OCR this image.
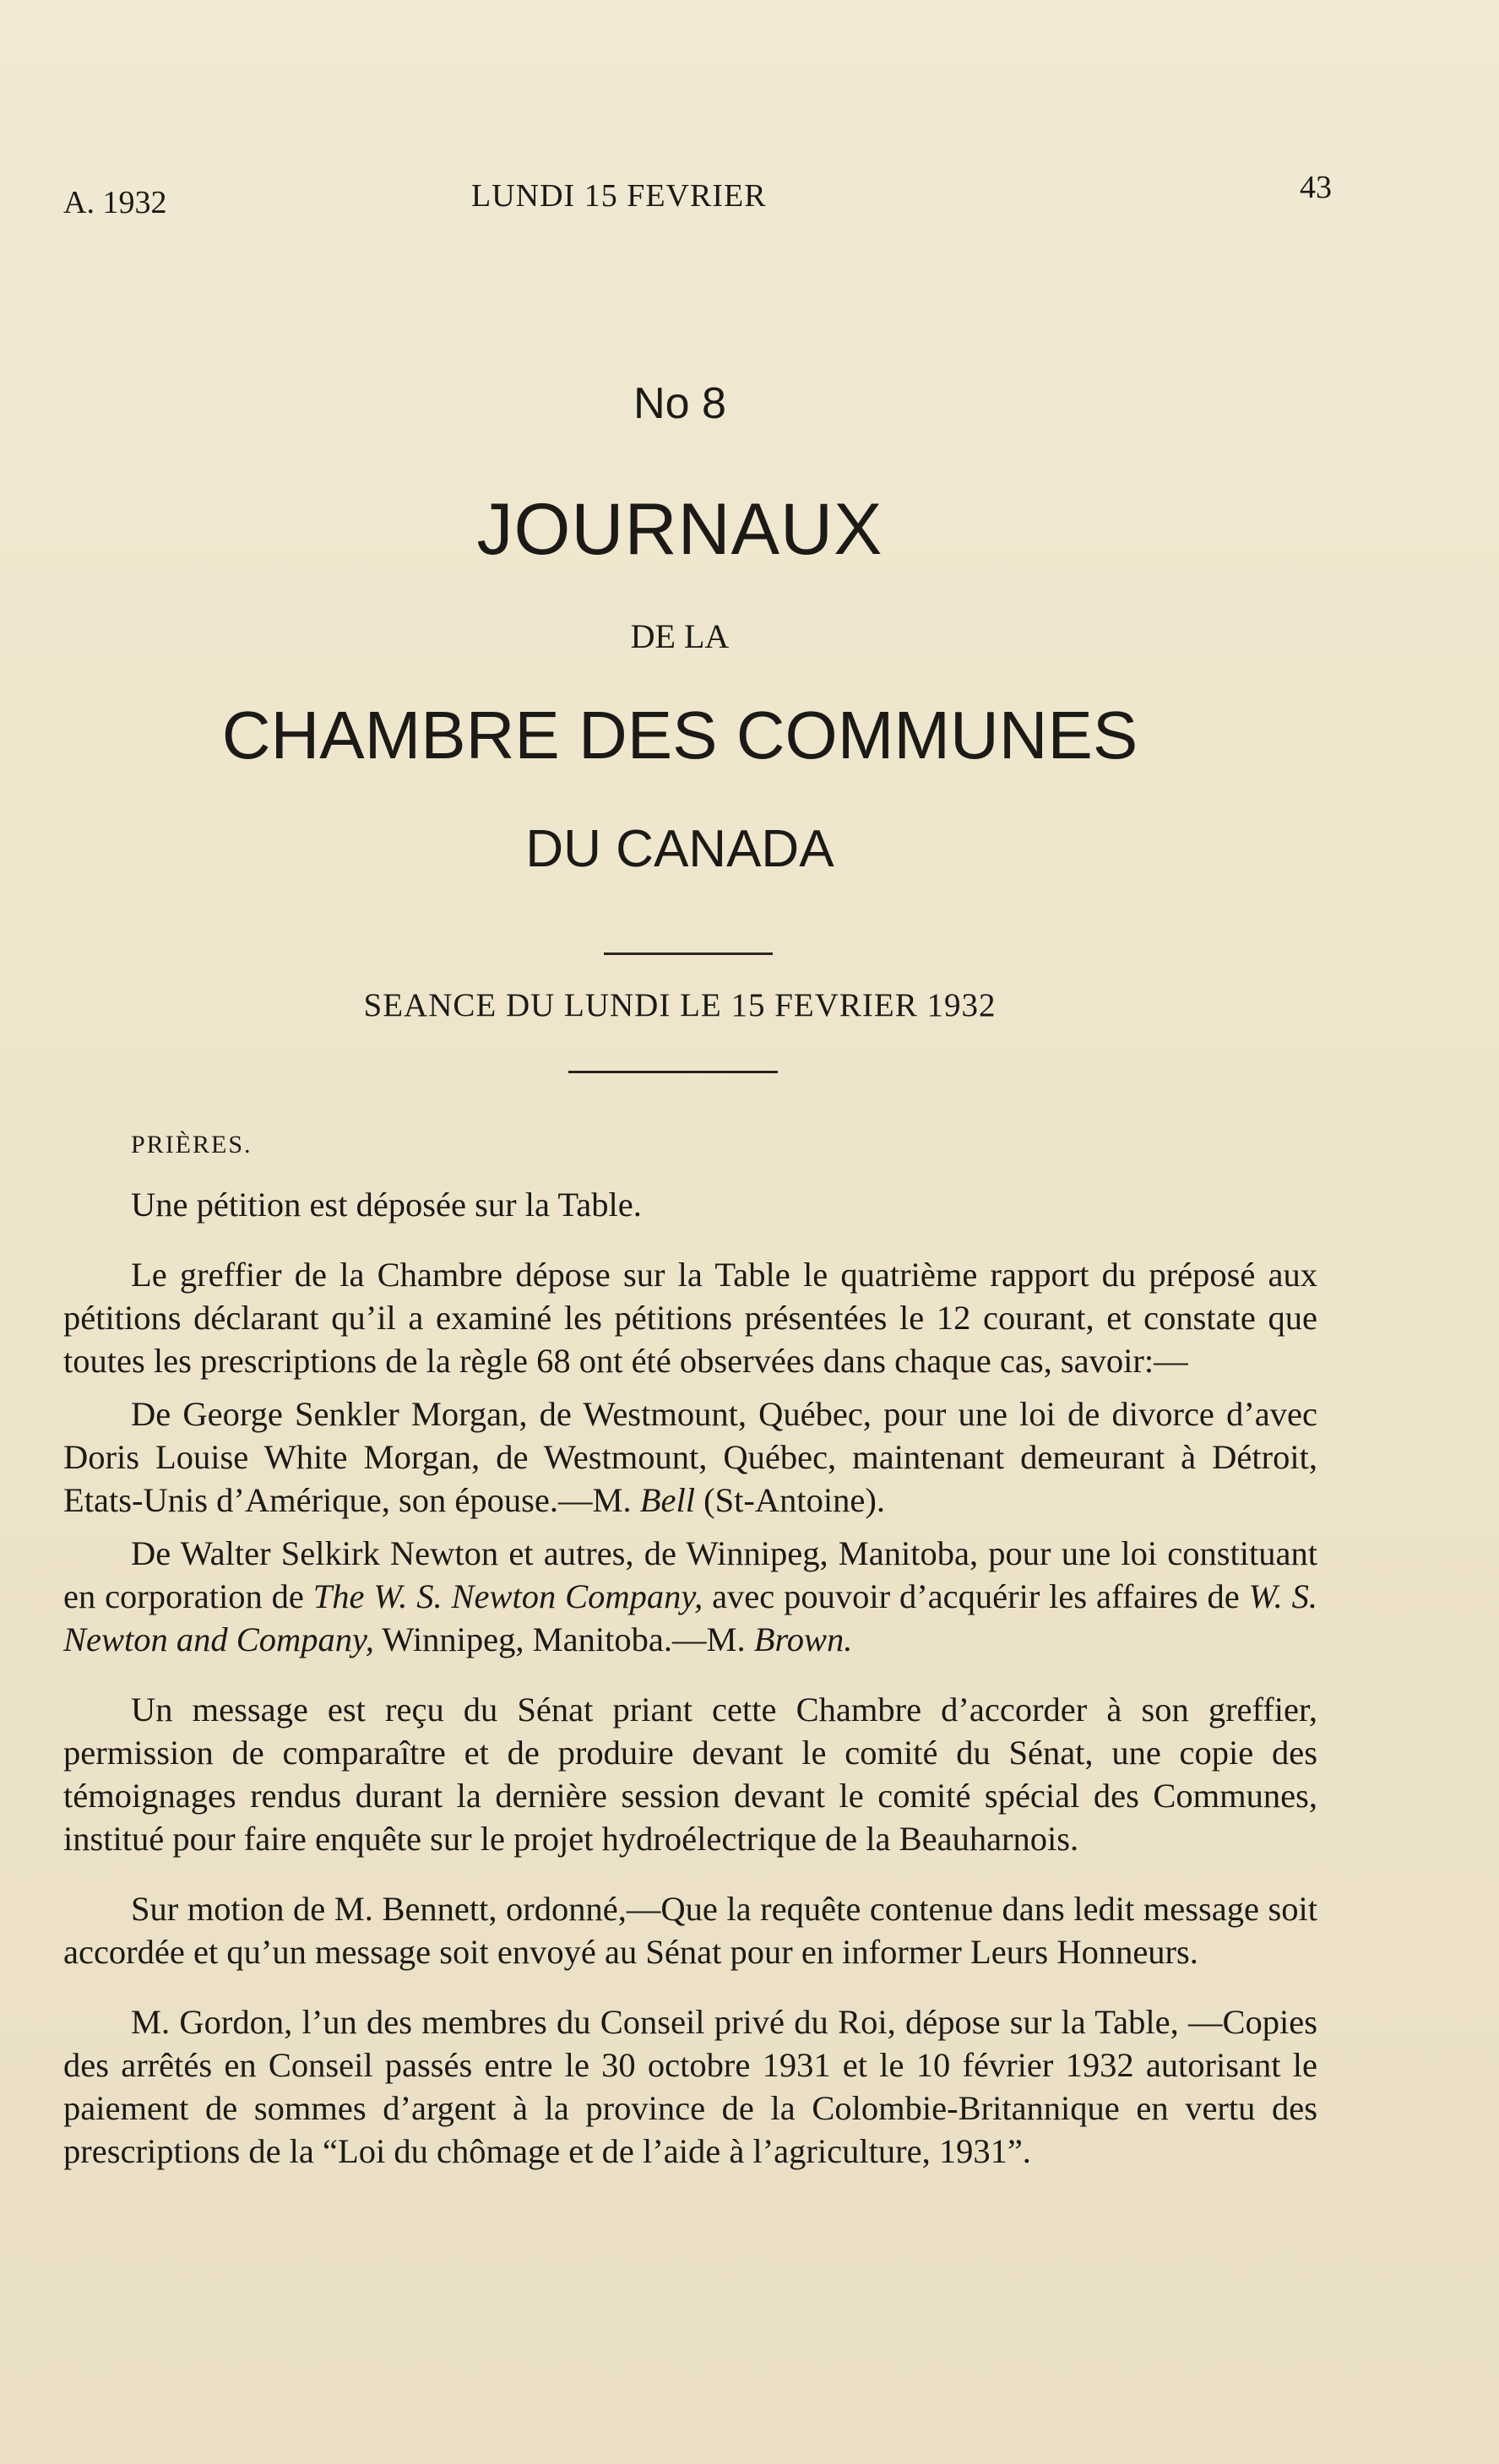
A. 1932	LUNDI 15 FEVRIER	43
No 8
JOURNAUX
DE LA
CHAMBRE DES COMMUNES
DU CANADA
SEANCE DU LUNDI LE 15 FEVRIER 1932

PRIÈRES.

Une pétition est déposée sur la Table.

Le greffier de la Chambre dépose sur la Table le quatrième rapport du préposé aux pétitions déclarant qu’il a examiné les pétitions présentées le 12 courant, et constate que toutes les prescriptions de la règle 68 ont été observées dans chaque cas, savoir:—

De George Senkler Morgan, de Westmount, Québec, pour une loi de divorce d’avec Doris Louise White Morgan, de Westmount, Québec, maintenant demeurant à Détroit, Etats-Unis d’Amérique, son épouse.—M. Bell (St-Antoine).

De Walter Selkirk Newton et autres, de Winnipeg, Manitoba, pour une loi constituant en corporation de The W. S. Newton Company, avec pouvoir d’acquérir les affaires de W. S. Newton and Company, Winnipeg, Manitoba.—M. Brown.

Un message est reçu du Sénat priant cette Chambre d’accorder à son greffier, permission de comparaître et de produire devant le comité du Sénat, une copie des témoignages rendus durant la dernière session devant le comité spécial des Communes, institué pour faire enquête sur le projet hydroélectrique de la Beauharnois.

Sur motion de M. Bennett, ordonné,—Que la requête contenue dans ledit message soit accordée et qu’un message soit envoyé au Sénat pour en informer Leurs Honneurs.

M. Gordon, l’un des membres du Conseil privé du Roi, dépose sur la Table, —Copies des arrêtés en Conseil passés entre le 30 octobre 1931 et le 10 février 1932 autorisant le paiement de sommes d’argent à la province de la Colombie-Britannique en vertu des prescriptions de la “Loi du chômage et de l’aide à l’agriculture, 1931”.
